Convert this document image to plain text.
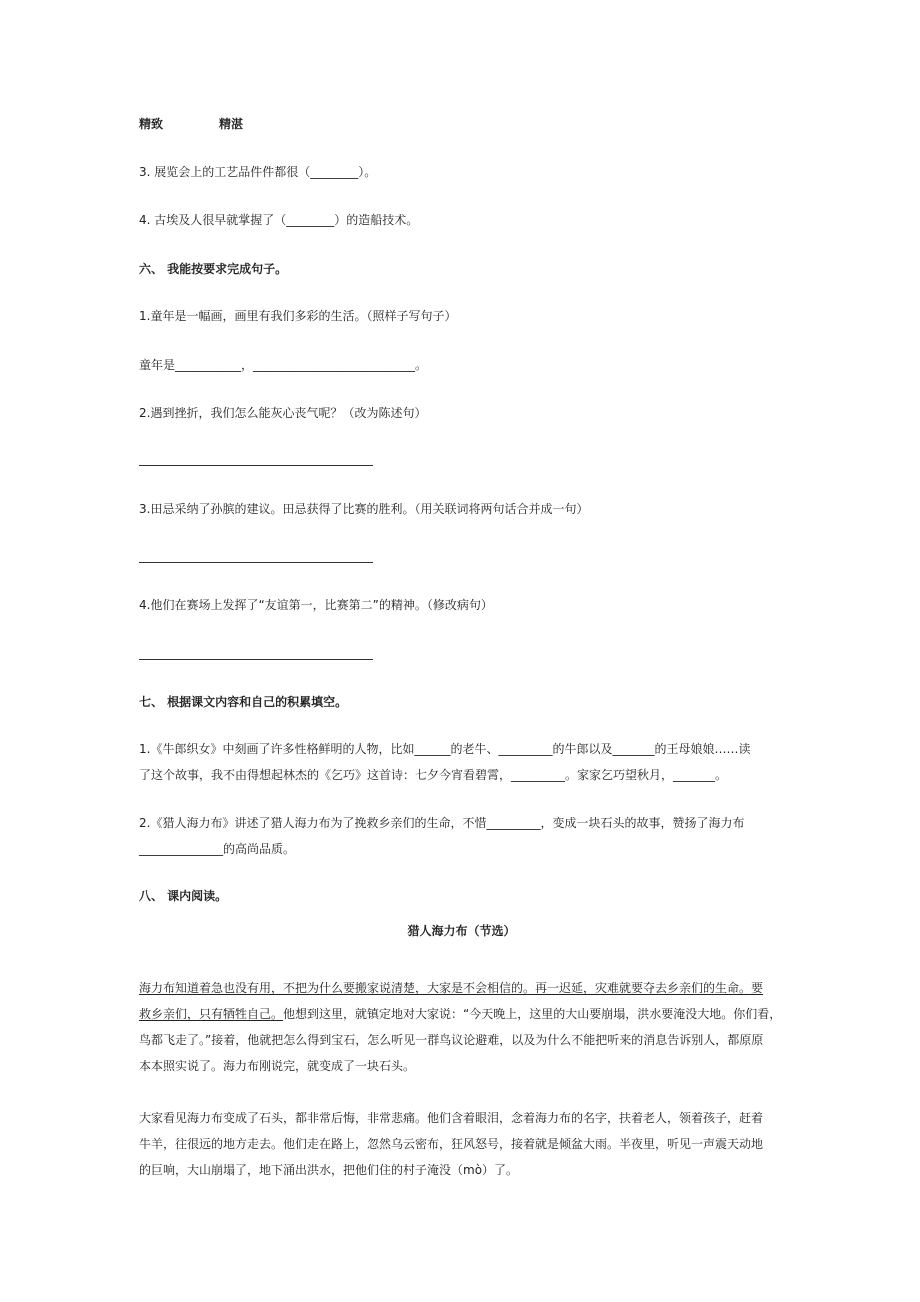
精致	精湛
3. 展览会上的工艺品件件都很（________）。
4. 古埃及人很早就掌握了（________）的造船技术。
六、 我能按要求完成句子。
1.童年是一幅画，画里有我们多彩的生活。（照样子写句子）
童年是___________，___________________________。
2.遇到挫折，我们怎么能灰心丧气呢？（改为陈述句）
3.田忌采纳了孙膑的建议。田忌获得了比赛的胜利。（用关联词将两句话合并成一句）
4.他们在赛场上发挥了“友谊第一，比赛第二”的精神。（修改病句）
七、 根据课文内容和自己的积累填空。
1.《牛郎织女》中刻画了许多性格鲜明的人物，比如______的老牛、_________的牛郎以及_______的王母娘娘……读
了这个故事，我不由得想起林杰的《乞巧》这首诗：七夕今宵看碧霄，_________。家家乞巧望秋月，_______。
2.《猎人海力布》讲述了猎人海力布为了挽救乡亲们的生命，不惜_________，变成一块石头的故事，赞扬了海力布
______________的高尚品质。
八、 课内阅读。
猎人海力布（节选）
海力布知道着急也没有用，不把为什么要搬家说清楚，大家是不会相信的。再一迟延，灾难就要夺去乡亲们的生命。要
救乡亲们，只有牺牲自己。他想到这里，就镇定地对大家说：“今天晚上，这里的大山要崩塌，洪水要淹没大地。你们看，
鸟都飞走了。”接着，他就把怎么得到宝石，怎么听见一群鸟议论避难，以及为什么不能把听来的消息告诉别人，都原原
本本照实说了。海力布刚说完，就变成了一块石头。
大家看见海力布变成了石头，都非常后悔，非常悲痛。他们含着眼泪，念着海力布的名字，扶着老人，领着孩子，赶着
牛羊，往很远的地方走去。他们走在路上，忽然乌云密布，狂风怒号，接着就是倾盆大雨。半夜里，听见一声震天动地
的巨响，大山崩塌了，地下涌出洪水，把他们住的村子淹没（mò）了。
